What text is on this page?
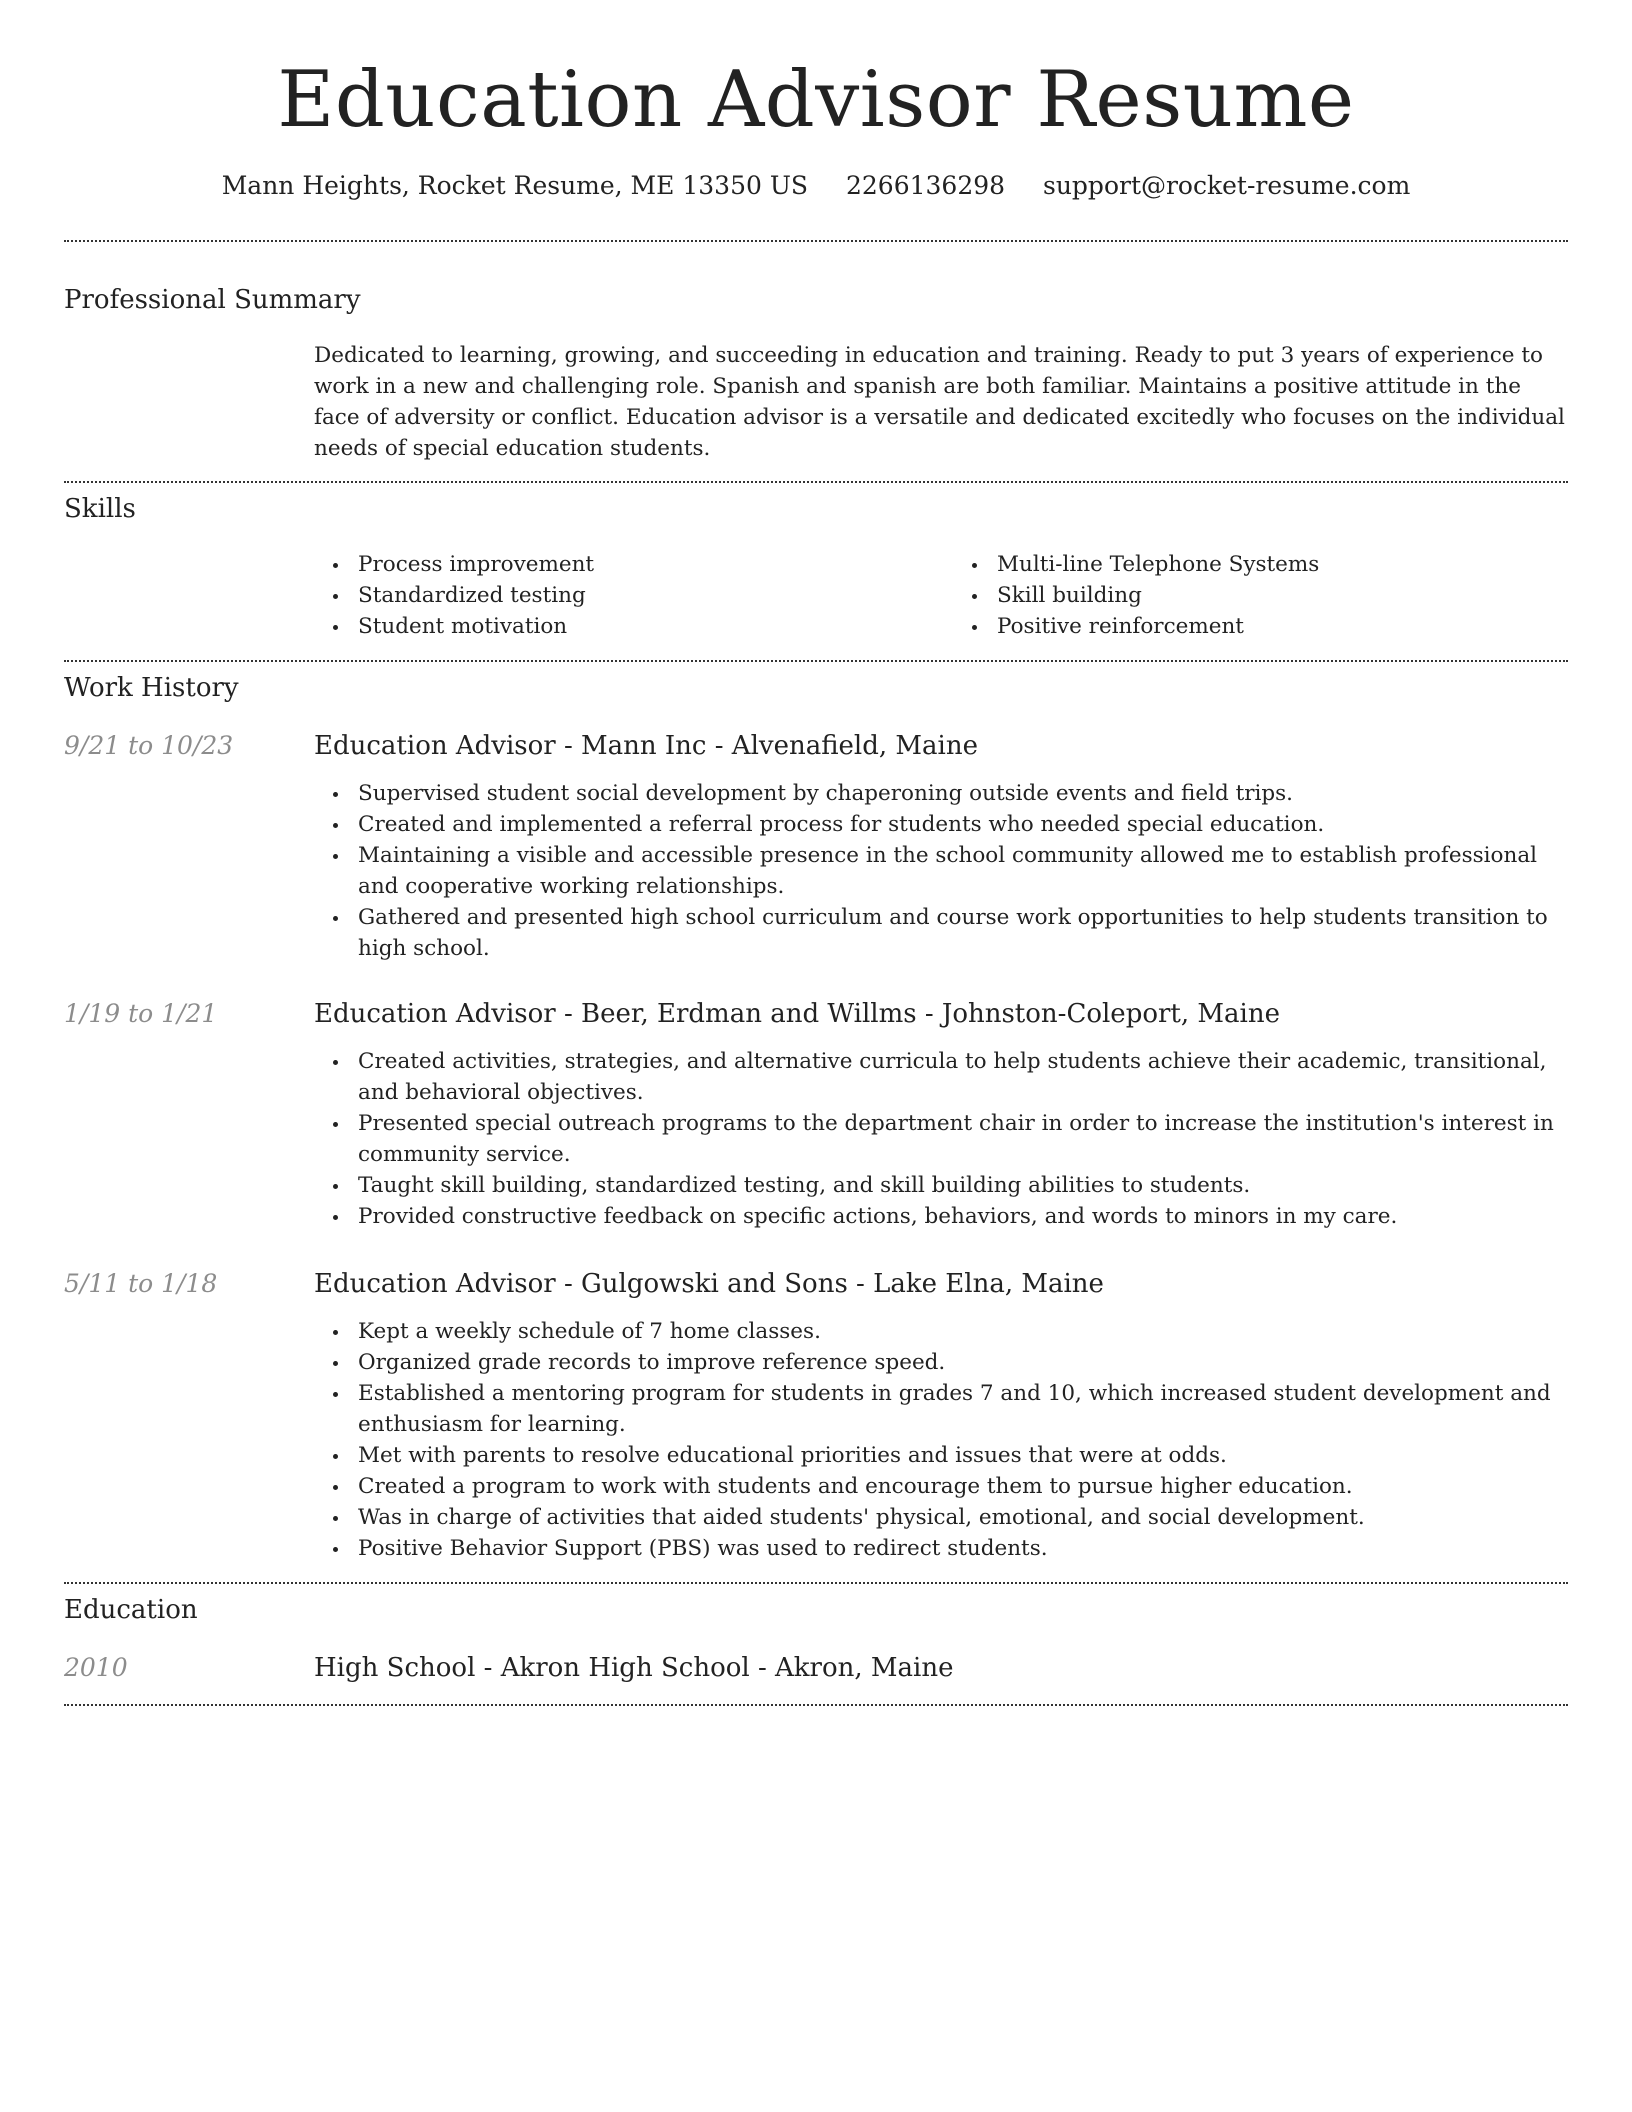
Education Advisor Resume
Mann Heights, Rocket Resume, ME 13350 US 2266136298 support@rocket-resume.com
Professional Summary

Dedicated to learning, growing, and succeeding in education and training. Ready to put 3 years of experience to work in a new and challenging role. Spanish and spanish are both familiar. Maintains a positive attitude in the face of adversity or conflict. Education advisor is a versatile and dedicated excitedly who focuses on the individual needs of special education students.

Skills
Process improvement
Standardized testing
Student motivation
Multi-line Telephone Systems
Skill building
Positive reinforcement
Work History
9/21 to 10/23	Education Advisor - Mann Inc - Alvenafield, Maine
Supervised student social development by chaperoning outside events and field trips.
Created and implemented a referral process for students who needed special education.
Maintaining a visible and accessible presence in the school community allowed me to establish professional and cooperative working relationships.
Gathered and presented high school curriculum and course work opportunities to help students transition to high school.
1/19 to 1/21	Education Advisor - Beer, Erdman and Willms - Johnston-Coleport, Maine
Created activities, strategies, and alternative curricula to help students achieve their academic, transitional, and behavioral objectives.
Presented special outreach programs to the department chair in order to increase the institution's interest in community service.
Taught skill building, standardized testing, and skill building abilities to students.
Provided constructive feedback on specific actions, behaviors, and words to minors in my care.
5/11 to 1/18	Education Advisor - Gulgowski and Sons - Lake Elna, Maine
Kept a weekly schedule of 7 home classes.
Organized grade records to improve reference speed.
Established a mentoring program for students in grades 7 and 10, which increased student development and enthusiasm for learning.
Met with parents to resolve educational priorities and issues that were at odds.
Created a program to work with students and encourage them to pursue higher education.
Was in charge of activities that aided students' physical, emotional, and social development.
Positive Behavior Support (PBS) was used to redirect students.
Education
2010	High School - Akron High School - Akron, Maine
